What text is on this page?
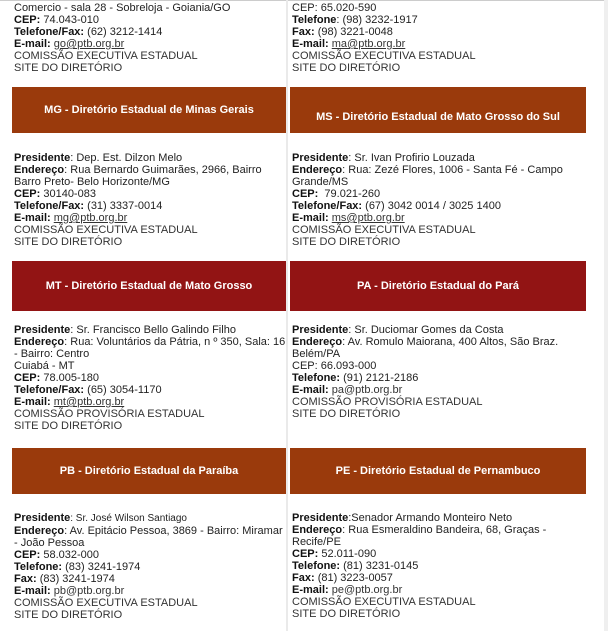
Comercio - sala 28 - Sobreloja - Goiania/GO
CEP: 74.043-010
Telefone/Fax: (62) 3212-1414
E-mail: go@ptb.org.br
COMISSÃO EXECUTIVA ESTADUAL
SITE DO DIRETÓRIO
CEP: 65.020-590
Telefone: (98) 3232-1917
Fax: (98) 3221-0048
E-mail: ma@ptb.org.br
COMISSÃO EXECUTIVA ESTADUAL
SITE DO DIRETÓRIO
MG - Diretório Estadual de Minas Gerais
MS - Diretório Estadual de Mato Grosso do Sul
Presidente: Dep. Est. Dilzon Melo
Endereço: Rua Bernardo Guimarães, 2966, Bairro
Barro Preto- Belo Horizonte/MG
CEP: 30140-083
Telefone/Fax: (31) 3337-0014
E-mail: mg@ptb.org.br
COMISSÃO EXECUTIVA ESTADUAL
SITE DO DIRETÓRIO
Presidente: Sr. Ivan Profirio Louzada
Endereço: Rua: Zezé Flores, 1006 - Santa Fé - Campo
Grande/MS
CEP: 79.021-260
Telefone/Fax: (67) 3042 0014 / 3025 1400
E-mail: ms@ptb.org.br
COMISSÃO EXECUTIVA ESTADUAL
SITE DO DIRETÓRIO
MT - Diretório Estadual de Mato Grosso	PA - Diretório Estadual do Pará
Presidente: Sr. Francisco Bello Galindo Filho
Endereço: Rua: Voluntários da Pátria, n º 350, Sala: 16
- Bairro: Centro
Cuiabá - MT
CEP: 78.005-180
Telefone/Fax: (65) 3054-1170
E-mail: mt@ptb.org.br
COMISSÃO PROVISÓRIA ESTADUAL
SITE DO DIRETÓRIO
Presidente: Sr. Duciomar Gomes da Costa
Endereço: Av. Romulo Maiorana, 400 Altos, São Braz.
Belém/PA
CEP: 66.093-000
Telefone: (91) 2121-2186
E-mail: pa@ptb.org.br
COMISSÃO PROVISÓRIA ESTADUAL
SITE DO DIRETÓRIO
PB - Diretório Estadual da Paraíba	PE - Diretório Estadual de Pernambuco
Presidente: Sr. José Wilson Santiago
Endereço: Av. Epitácio Pessoa, 3869 - Bairro: Miramar
- João Pessoa
CEP: 58.032-000
Telefone: (83) 3241-1974
Fax: (83) 3241-1974
E-mail: pb@ptb.org.br
COMISSÃO EXECUTIVA ESTADUAL
SITE DO DIRETÓRIO
Presidente:Senador Armando Monteiro Neto
Endereço: Rua Esmeraldino Bandeira, 68, Graças -
Recife/PE
CEP: 52.011-090
Telefone: (81) 3231-0145
Fax: (81) 3223-0057
E-mail: pe@ptb.org.br
COMISSÃO EXECUTIVA ESTADUAL
SITE DO DIRETÓRIO
